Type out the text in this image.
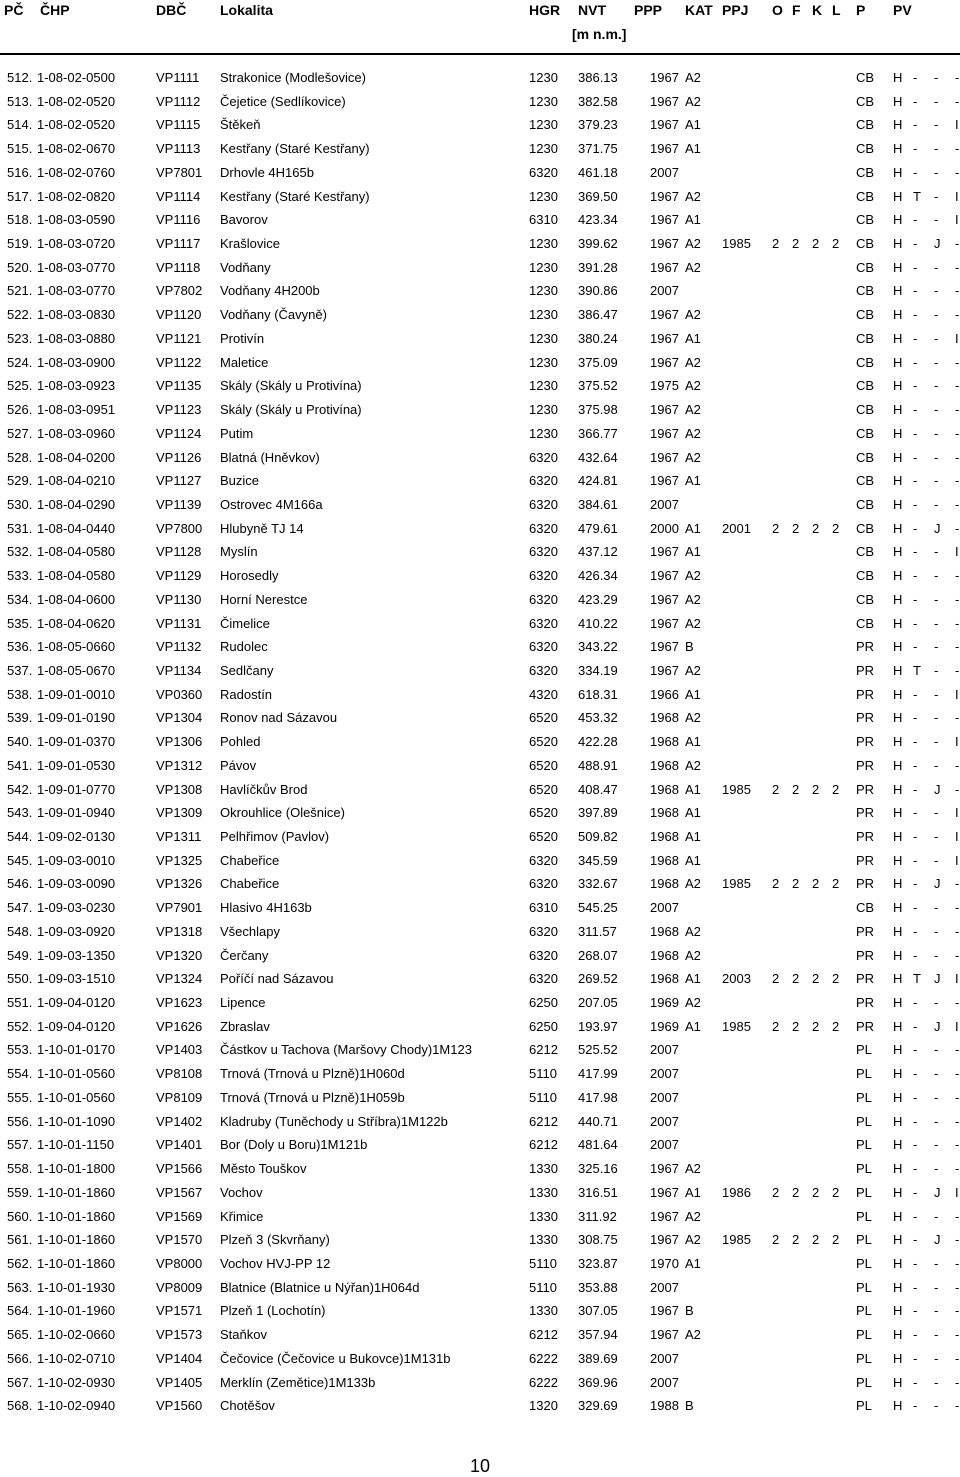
PČ ČHP	DBČ Lokalita	HGR NVT
[m n.m.]
PPP KAT PPJ O F K L P PV
512. 1-08-02-0500	VP1111 Strakonice (Modlešovice)	1230 386.13 1967 A2	CB H - - -
513. 1-08-02-0520	VP1112 Čejetice (Sedlíkovice)	1230 382.58 1967 A2	CB H - - -
514. 1-08-02-0520	VP1115 Štěkeň	1230 379.23 1967 A1	CB H - - I
515. 1-08-02-0670	VP1113 Kestřany (Staré Kestřany)	1230 371.75 1967 A1	CB H - - -
516. 1-08-02-0760	VP7801 Drhovle 4H165b	6320 461.18 2007	CB H - - -
517. 1-08-02-0820	VP1114 Kestřany (Staré Kestřany)	1230 369.50 1967 A2	CB H T - I
518. 1-08-03-0590	VP1116 Bavorov	6310 423.34 1967 A1	CB H - - I
519. 1-08-03-0720	VP1117 Krašlovice	1230 399.62 1967 A2 1985 2 2 2 2 CB H - J -
520. 1-08-03-0770	VP1118 Vodňany	1230 391.28 1967 A2	CB H - - -
521. 1-08-03-0770	VP7802 Vodňany 4H200b	1230 390.86 2007	CB H - - -
522. 1-08-03-0830	VP1120 Vodňany (Čavyně)	1230 386.47 1967 A2	CB H - - -
523. 1-08-03-0880	VP1121 Protivín	1230 380.24 1967 A1	CB H - - I
524. 1-08-03-0900	VP1122 Maletice	1230 375.09 1967 A2	CB H - - -
525. 1-08-03-0923	VP1135 Skály (Skály u Protivína)	1230 375.52 1975 A2	CB H - - -
526. 1-08-03-0951	VP1123 Skály (Skály u Protivína)	1230 375.98 1967 A2	CB H - - -
527. 1-08-03-0960	VP1124 Putim	1230 366.77 1967 A2	CB H - - -
528. 1-08-04-0200	VP1126 Blatná (Hněvkov)	6320 432.64 1967 A2	CB H - - -
529. 1-08-04-0210	VP1127 Buzice	6320 424.81 1967 A1	CB H - - -
530. 1-08-04-0290	VP1139 Ostrovec 4M166a	6320 384.61 2007	CB H - - -
531. 1-08-04-0440	VP7800 Hlubyně TJ 14	6320 479.61 2000 A1 2001 2 2 2 2 CB H - J -
532. 1-08-04-0580	VP1128 Myslín	6320 437.12 1967 A1	CB H - - I
533. 1-08-04-0580	VP1129 Horosedly	6320 426.34 1967 A2	CB H - - -
534. 1-08-04-0600	VP1130 Horní Nerestce	6320 423.29 1967 A2	CB H - - -
535. 1-08-04-0620	VP1131 Čimelice	6320 410.22 1967 A2	CB H - - -
536. 1-08-05-0660	VP1132 Rudolec	6320 343.22 1967 B	PR H - - -
537. 1-08-05-0670	VP1134 Sedlčany	6320 334.19 1967 A2	PR H T - -
538. 1-09-01-0010	VP0360 Radostín	4320 618.31 1966 A1	PR H - - I
539. 1-09-01-0190	VP1304 Ronov nad Sázavou	6520 453.32 1968 A2	PR H - - -
540. 1-09-01-0370	VP1306 Pohled	6520 422.28 1968 A1	PR H - - I
541. 1-09-01-0530	VP1312 Pávov	6520 488.91 1968 A2	PR H - - -
542. 1-09-01-0770	VP1308 Havlíčkův Brod	6520 408.47 1968 A1 1985 2 2 2 2 PR H - J -
543. 1-09-01-0940	VP1309 Okrouhlice (Olešnice)	6520 397.89 1968 A1	PR H - - I
544. 1-09-02-0130	VP1311 Pelhřimov (Pavlov)	6520 509.82 1968 A1	PR H - - I
545. 1-09-03-0010	VP1325 Chabeřice	6320 345.59 1968 A1	PR H - - I
546. 1-09-03-0090	VP1326 Chabeřice	6320 332.67 1968 A2 1985 2 2 2 2 PR H - J -
547. 1-09-03-0230	VP7901 Hlasivo 4H163b	6310 545.25 2007	CB H - - -
548. 1-09-03-0920	VP1318 Všechlapy	6320 311.57	1968 A2	PR H - - -
549. 1-09-03-1350	VP1320 Čerčany	6320 268.07 1968 A2	PR H - - -
550. 1-09-03-1510	VP1324 Poříčí nad Sázavou	6320 269.52 1968 A1 2003 2 2 2 2 PR H T J I
551. 1-09-04-0120	VP1623 Lipence	6250 207.05 1969 A2	PR H - - -
552. 1-09-04-0120	VP1626 Zbraslav	6250 193.97 1969 A1 1985 2 2 2 2 PR H - J I
553. 1-10-01-0170	VP1403 Částkov u Tachova (Maršovy Chody)1M123	6212 525.52 2007	PL H - - -
554. 1-10-01-0560	VP8108 Trnová (Trnová u Plzně)1H060d	5110 417.99 2007	PL H - - -
555. 1-10-01-0560	VP8109 Trnová (Trnová u Plzně)1H059b	5110 417.98 2007	PL H - - -
556. 1-10-01-1090	VP1402 Kladruby (Tuněchody u Stříbra)1M122b	6212 440.71 2007	PL H - - -
557. 1-10-01-1150	VP1401 Bor (Doly u Boru)1M121b	6212 481.64 2007	PL H - - -
558. 1-10-01-1800	VP1566 Město Touškov	1330 325.16 1967 A2	PL H - - -
559. 1-10-01-1860	VP1567 Vochov	1330 316.51 1967 A1 1986 2 2 2 2 PL H - J I
560. 1-10-01-1860	VP1569 Křimice	1330 311.92	1967 A2	PL H - - -
561. 1-10-01-1860	VP1570 Plzeň 3 (Skvrňany)	1330 308.75 1967 A2 1985 2 2 2 2 PL H - J -
562. 1-10-01-1860	VP8000 Vochov HVJ-PP 12	5110 323.87 1970 A1	PL H - - -
563. 1-10-01-1930	VP8009 Blatnice (Blatnice u Nýřan)1H064d	5110 353.88 2007	PL H - - -
564. 1-10-01-1960	VP1571 Plzeň 1 (Lochotín)	1330 307.05 1967 B	PL H - - -
565. 1-10-02-0660	VP1573 Staňkov	6212 357.94 1967 A2	PL H - - -
566. 1-10-02-0710	VP1404 Čečovice (Čečovice u Bukovce)1M131b	6222 389.69 2007	PL H - - -
567. 1-10-02-0930	VP1405 Merklín (Zemětice)1M133b	6222 369.96 2007	PL H - - -
568. 1-10-02-0940	VP1560 Chotěšov	1320 329.69 1988 B	PL H - - -
10
